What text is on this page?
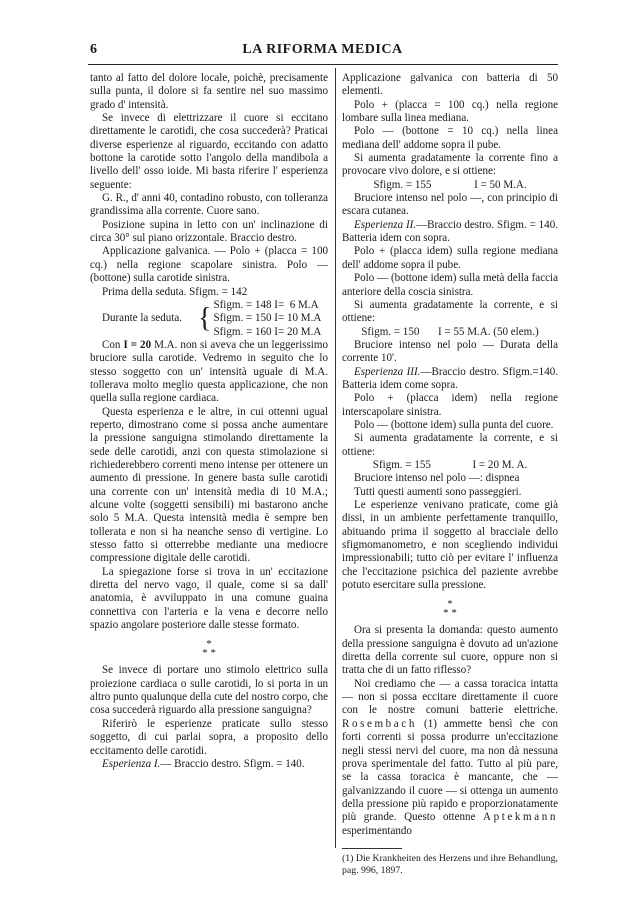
6	LA RIFORMA MEDICA

tanto al fatto del dolore locale, poichè, precisamente sulla punta, il dolore si fa sentire nel suo massimo grado d' intensità.

Se invece di elettrizzare il cuore si eccitano direttamente le carotidi, che cosa succederà? Praticai diverse esperienze al riguardo, eccitando con adatto bottone la carotide sotto l'angolo della mandibola a livello dell' osso ioide. Mi basta riferire l' esperienza seguente:

G. R., d' anni 40, contadino robusto, con tolleranza grandissima alla corrente. Cuore sano.

Posizione supina in letto con un' inclinazione di circa 30° sul piano orizzontale. Braccio destro.

Applicazione galvanica. — Polo + (placca = 100 cq.) nella regione scapolare sinistra. Polo — (bottone) sulla carotide sinistra.

Prima della seduta. Sfigm. = 142

Durante la seduta. { Sfigm. = 148 I=  6 M.A
Sfigm. = 150 I= 10 M.A
Sfigm. = 160 I= 20 M.A

Con I = 20 M.A. non si aveva che un leggerissimo bruciore sulla carotide. Vedremo in seguito che lo stesso soggetto con un' intensità uguale di M.A. tollerava molto meglio questa applicazione, che non quella sulla regione cardiaca.

Questa esperienza e le altre, in cui ottenni ugual reperto, dimostrano come si possa anche aumentare la pressione sanguigna stimolando direttamente la sede delle carotidi, anzi con questa stimolazione si richiederebbero correnti meno intense per ottenere un aumento di pressione. In genere basta sulle carotidi una corrente con un' intensità media di 10 M.A.; alcune volte (soggetti sensibili) mi bastarono anche solo 5 M.A. Questa intensità media è sempre ben tollerata e non si ha neanche senso di vertigine. Lo stesso fatto si otterrebbe mediante una mediocre compressione digitale delle carotidi.

La spiegazione forse si trova in un' eccitazione diretta del nervo vago, il quale, come si sa dall' anatomia, è avviluppato in una comune guaina connettiva con l'arteria e la vena e decorre nello spazio angolare posteriore dalle stesse formato.

*
* *

Se invece di portare uno stimolo elettrico sulla proiezione cardiaca o sulle carotidi, lo si porta in un altro punto qualunque della cute del nostro corpo, che cosa succederà riguardo alla pressione sanguigna?

Riferirò le esperienze praticate sullo stesso soggetto, di cui parlai sopra, a proposito dello eccitamento delle carotidi.

Esperienza I.— Braccio destro. Sfigm. = 140.

Applicazione galvanica con batteria di 50 elementi.

Polo + (placca = 100 cq.) nella regione lombare sulla linea mediana.

Polo — (bottone = 10 cq.) nella linea mediana dell' addome sopra il pube.

Si aumenta gradatamente la corrente fino a provocare vivo dolore, e si ottiene:

Sfigm. = 155	I = 50 M.A.

Bruciore intenso nel polo —, con principio di escara cutanea.

Esperienza II.—Braccio destro. Sfigm. = 140. Batteria idem con sopra.

Polo + (placca idem) sulla regione mediana dell' addome sopra il pube.

Polo — (bottone idem) sulla metà della faccia anteriore della coscia sinistra.

Si aumenta gradatamente la corrente, e si ottiene:

Sfigm. = 150 I = 55 M.A. (50 elem.)

Bruciore intenso nel polo — Durata della corrente 10'.

Esperienza III.—Braccio destro. Sfigm.=140. Batteria idem come sopra.

Polo + (placca idem) nella regione interscapolare sinistra.

Polo — (bottone idem) sulla punta del cuore.

Si aumenta gradatamente la corrente, e si ottiene:

Sfigm. = 155	I = 20 M. A.

Bruciore intenso nel polo —: dispnea

Tutti questi aumenti sono passeggieri.

Le esperienze venivano praticate, come già dissi, in un ambiente perfettamente tranquillo, abituando prima il soggetto al bracciale dello sfigmomanometro, e non scegliendo individui impressionabili; tutto ciò per evitare l' influenza che l'eccitazione psichica del paziente avrebbe potuto esercitare sulla pressione.

*
* *

Ora si presenta la domanda: questo aumento della pressione sanguigna è dovuto ad un'azione diretta della corrente sul cuore, oppure non si tratta che di un fatto riflesso?

Noi crediamo che — a cassa toracica intatta — non si possa eccitare direttamente il cuore con le nostre comuni batterie elettriche. Rosembach (1) ammette bensì che con forti correnti si possa produrre un'eccitazione negli stessi nervi del cuore, ma non dà nessuna prova sperimentale del fatto. Tutto al più pare, se la cassa toracica è mancante, che — galvanizzando il cuore — si ottenga un aumento della pressione più rapido e proporzionatamente più grande. Questo ottenne Aptekmann esperimentando

(1) Die Krankheiten des Herzens und ihre Behandlung, pag. 996, 1897.
